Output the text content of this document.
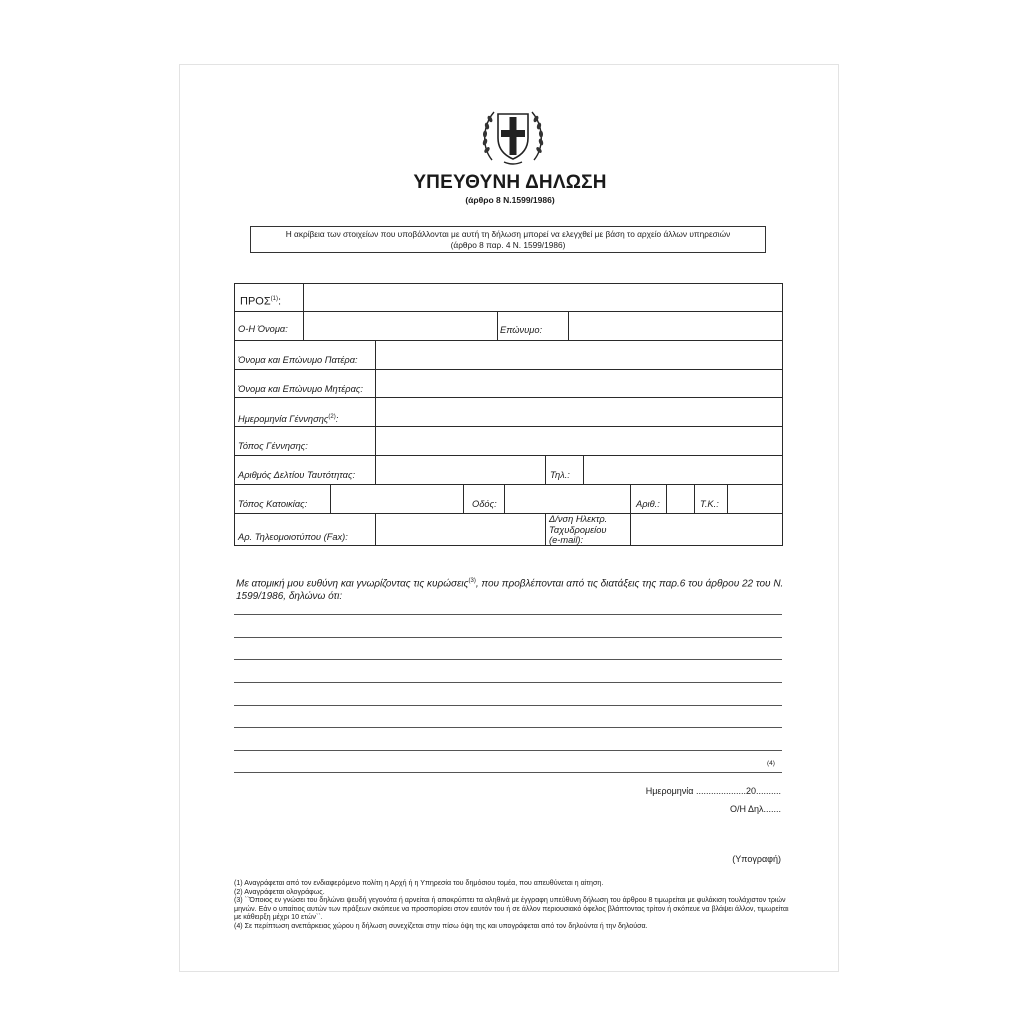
ΥΠΕΥΘΥΝΗ ΔΗΛΩΣΗ
(άρθρο 8 Ν.1599/1986)
Η ακρίβεια των στοιχείων που υποβάλλονται με αυτή τη δήλωση μπορεί να ελεγχθεί με βάση το αρχείο άλλων υπηρεσιών
(άρθρο 8 παρ. 4 Ν. 1599/1986)
ΠΡΟΣ$^{(1)}$:
Ο-Η Όνομα:	Επώνυμο:
Όνομα και Επώνυμο Πατέρα:
Όνομα και Επώνυμο Μητέρας:
Ημερομηνία Γέννησης$^{(2)}$:
Τόπος Γέννησης:
Αριθμός Δελτίου Ταυτότητας:	Τηλ.:
Τόπος Κατοικίας:	Οδός:	Αριθ.:	Τ.Κ.:
Αρ. Τηλεομοιοτύπου (Fax):
Δ/νση Ηλεκτρ.
Ταχυδρομείου
(e-mail):
Με ατομική μου ευθύνη και γνωρίζοντας τις κυρώσεις$^{(3)}$, που προβλέπονται από τις διατάξεις της παρ.6 του άρθρου 22 του Ν. 1599/1986, δηλώνω ότι:
(4)
Ημερομηνία ....................20..........
Ο/Η Δηλ.......
(Υπογραφή)

(1) Αναγράφεται από τον ενδιαφερόμενο πολίτη η Αρχή ή η Υπηρεσία του δημόσιου τομέα, που απευθύνεται η αίτηση.

(2) Αναγράφεται ολογράφως.

(3) ``Όποιος εν γνώσει του δηλώνει ψευδή γεγονότα ή αρνείται ή αποκρύπτει τα αληθινά με έγγραφη υπεύθυνη δήλωση του άρθρου 8 τιμωρείται με φυλάκιση τουλάχιστον τριών μηνών. Εάν ο υπαίτιος αυτών των πράξεων σκόπευε να προσπορίσει στον εαυτόν του ή σε άλλον περιουσιακό όφελος βλάπτοντας τρίτον ή σκόπευε να βλάψει άλλον, τιμωρείται με κάθειρξη μέχρι 10 ετών``.

(4) Σε περίπτωση ανεπάρκειας χώρου η δήλωση συνεχίζεται στην πίσω όψη της και υπογράφεται από τον δηλούντα ή την δηλούσα.
